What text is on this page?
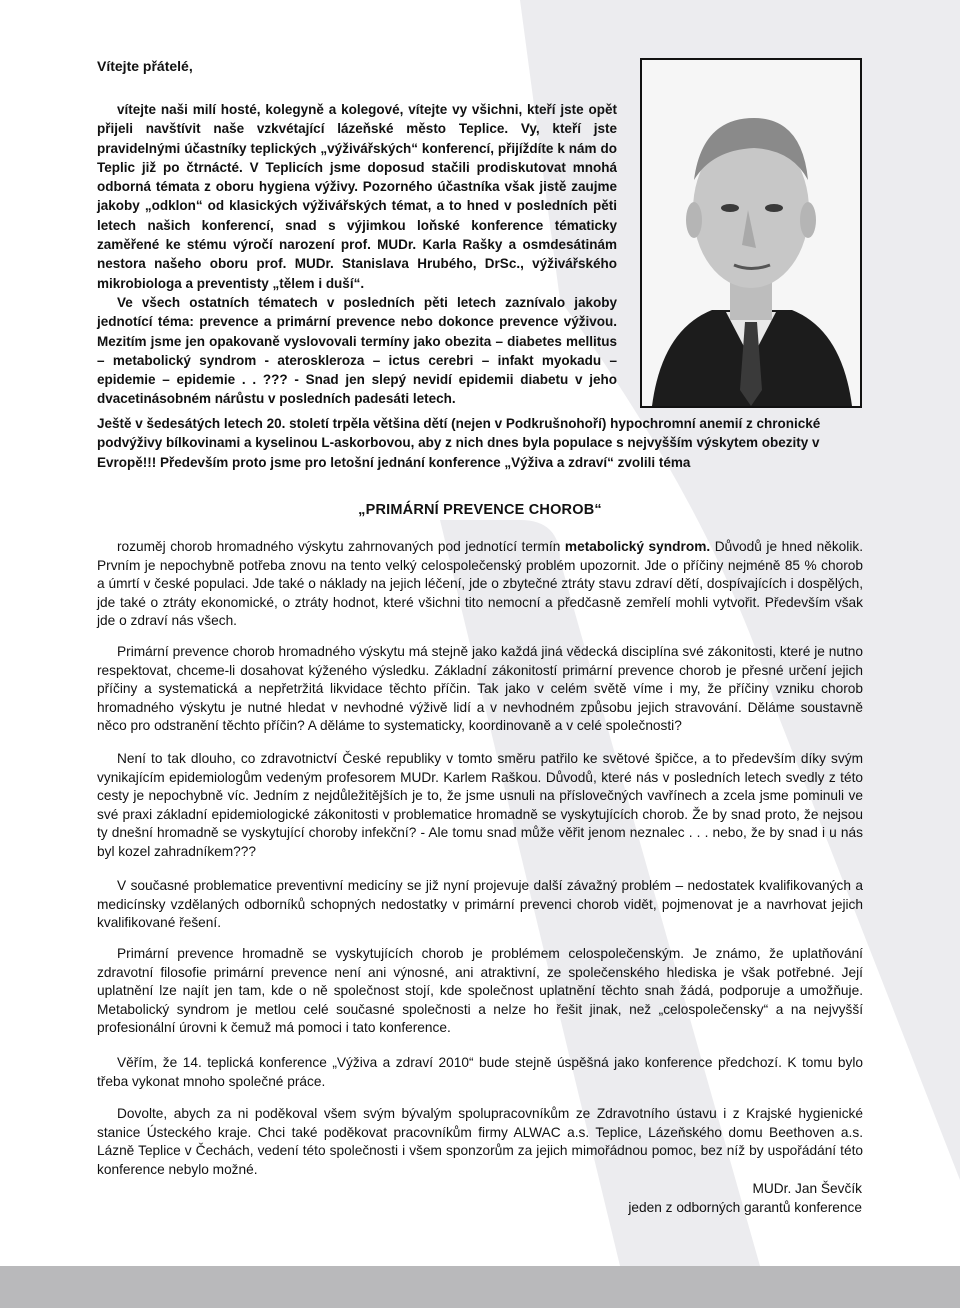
Vítejte přátelé,

vítejte naši milí hosté, kolegyně a kolegové, vítejte vy všichni, kteří jste opět přijeli navštívit naše vzkvétající lázeňské město Teplice. Vy, kteří jste pravidelnými účastníky teplických „výživářských“ konferencí, přijíždíte k nám do Teplic již po čtrnácté. V Teplicích jsme doposud stačili prodiskutovat mnohá odborná témata z oboru hygiena výživy. Pozorného účastníka však jistě zaujme jakoby „odklon“ od klasických výživářských témat, a to hned v posledních pěti letech našich konferencí, snad s výjimkou loňské konference tématicky zaměřené ke stému výročí narození prof. MUDr. Karla Rašky a osmdesátinám nestora našeho oboru prof. MUDr. Stanislava Hrubého, DrSc., výživářského mikrobiologa a preventisty „tělem i duší“.

Ve všech ostatních tématech v posledních pěti letech zaznívalo jakoby jednotící téma: prevence a primární prevence nebo dokonce prevence výživou. Mezitím jsme jen opakovaně vyslovovali termíny jako obezita – diabetes mellitus – metabolický syndrom - ateroskleroza – ictus cerebri – infakt myokadu – epidemie – epidemie . . ??? - Snad jen slepý nevidí epidemii diabetu v jeho dvacetinásobném nárůstu v posledních padesáti letech.

Ještě v šedesátých letech 20. století trpěla většina dětí (nejen v Podkrušnohoří) hypochromní anemií z chronické podvýživy bílkovinami a kyselinou L-askorbovou, aby z nich dnes byla populace s nejvyšším výskytem obezity v Evropě!!! Především proto jsme pro letošní jednání konference „Výživa a zdraví“ zvolili téma

„PRIMÁRNÍ PREVENCE CHOROB“

rozuměj chorob hromadného výskytu zahrnovaných pod jednotící termín metabolický syndrom. Důvodů je hned několik. Prvním je nepochybně potřeba znovu na tento velký celospolečenský problém upozornit. Jde o příčiny nejméně 85 % chorob a úmrtí v české populaci. Jde také o náklady na jejich léčení, jde o zbytečné ztráty stavu zdraví dětí, dospívajících i dospělých, jde také o ztráty ekonomické, o ztráty hodnot, které všichni tito nemocní a předčasně zemřelí mohli vytvořit. Především však jde o zdraví nás všech.

Primární prevence chorob hromadného výskytu má stejně jako každá jiná vědecká disciplína své zákonitosti, které je nutno respektovat, chceme-li dosahovat kýženého výsledku. Základní zákonitostí primární prevence chorob je přesné určení jejich příčiny a systematická a nepřetržitá likvidace těchto příčin. Tak jako v celém světě víme i my, že příčiny vzniku chorob hromadného výskytu je nutné hledat v nevhodné výživě lidí a v nevhodném způsobu jejich stravování. Děláme soustavně něco pro odstranění těchto příčin? A děláme to systematicky, koordinovaně a v celé společnosti?

Není to tak dlouho, co zdravotnictví České republiky v tomto směru patřilo ke světové špičce, a to především díky svým vynikajícím epidemiologům vedeným profesorem MUDr. Karlem Raškou. Důvodů, které nás v posledních letech svedly z této cesty je nepochybně víc. Jedním z nejdůležitějších je to, že jsme usnuli na příslovečných vavřínech a zcela jsme pominuli ve své praxi základní epidemiologické zákonitosti v problematice hromadně se vyskytujících chorob. Že by snad proto, že nejsou ty dnešní hromadně se vyskytující choroby infekční? - Ale tomu snad může věřit jenom neznalec . . . nebo, že by snad i u nás byl kozel zahradníkem???

V současné problematice preventivní medicíny se již nyní projevuje další závažný problém – nedostatek kvalifikovaných a medicínsky vzdělaných odborníků schopných nedostatky v primární prevenci chorob vidět, pojmenovat je a navrhovat jejich kvalifikované řešení.

Primární prevence hromadně se vyskytujících chorob je problémem celospolečenským. Je známo, že uplatňování zdravotní filosofie primární prevence není ani výnosné, ani atraktivní, ze společenského hlediska je však potřebné. Její uplatnění lze najít jen tam, kde o ně společnost stojí, kde společnost uplatnění těchto snah žádá, podporuje a umožňuje. Metabolický syndrom je metlou celé současné společnosti a nelze ho řešit jinak, než „celospolečensky“ a na nejvyšší profesionální úrovni k čemuž má pomoci i tato konference.

Věřím, že 14. teplická konference „Výživa a zdraví 2010“ bude stejně úspěšná jako konference předchozí. K tomu bylo třeba vykonat mnoho společné práce.

Dovolte, abych za ni poděkoval všem svým bývalým spolupracovníkům ze Zdravotního ústavu i z Krajské hygienické stanice Ústeckého kraje. Chci také poděkovat pracovníkům firmy ALWAC a.s. Teplice, Lázeňského domu Beethoven a.s. Lázně Teplice v Čechách, vedení této společnosti i všem sponzorům za jejich mimořádnou pomoc, bez níž by uspořádání této konference nebylo možné.

MUDr. Jan Ševčík
jeden z odborných garantů konference
